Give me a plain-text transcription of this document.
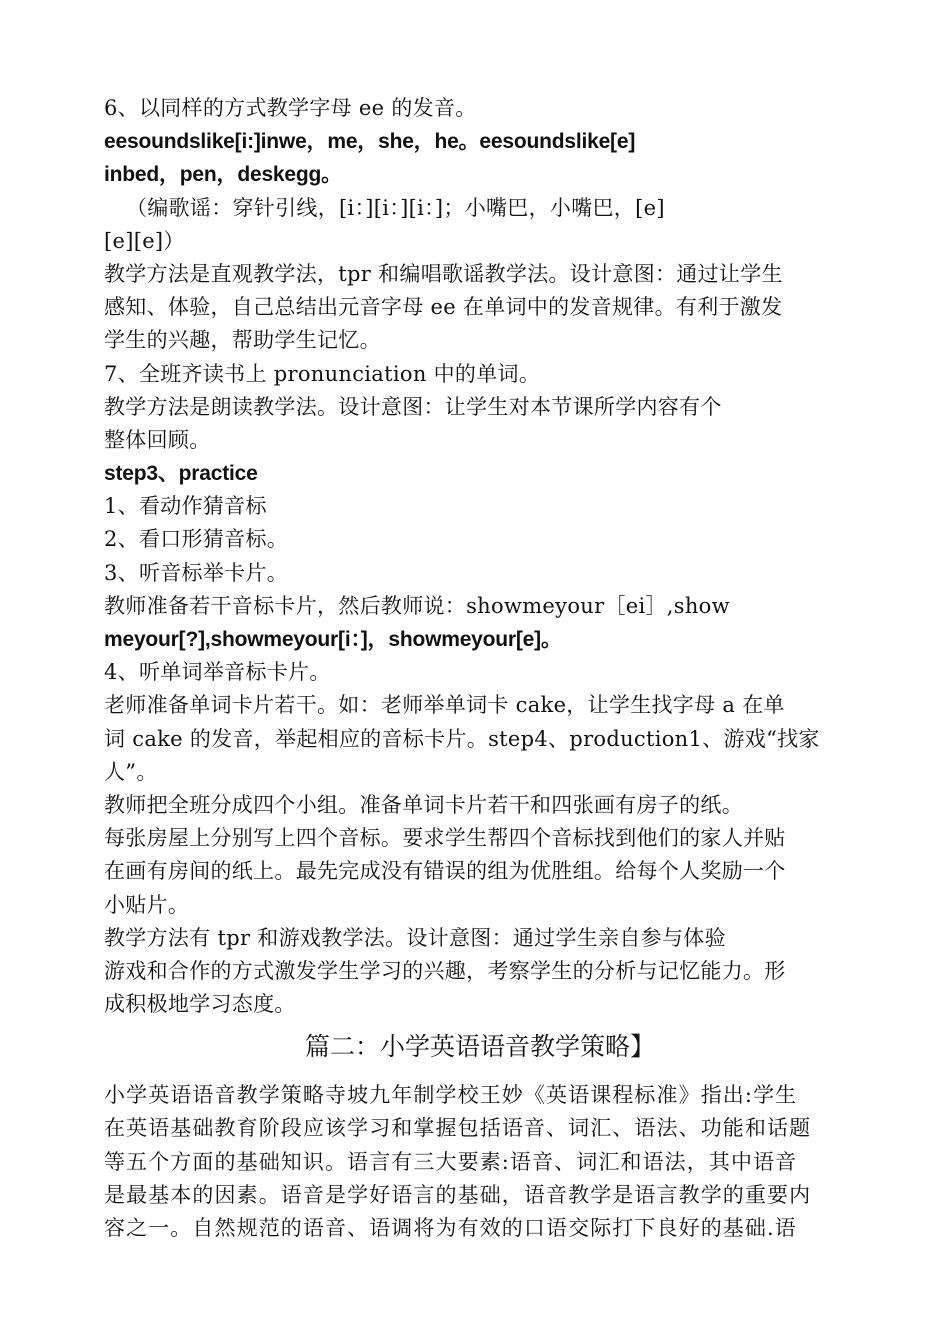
6、以同样的方式教学字母 ee 的发音。
eesoundslike[i:]inwe，me，she，he。eesoundslike[e]
inbed，pen，deskegg。
（编歌谣：穿针引线，[i：][i：][i：]；小嘴巴，小嘴巴，[e]
[e][e]）
教学方法是直观教学法，tpr 和编唱歌谣教学法。设计意图：通过让学生
感知、体验，自己总结出元音字母 ee 在单词中的发音规律。有利于激发
学生的兴趣，帮助学生记忆。
7、全班齐读书上 pronunciation 中的单词。
教学方法是朗读教学法。设计意图：让学生对本节课所学内容有个
整体回顾。
step3、practice
1、看动作猜音标
2、看口形猜音标。
3、听音标举卡片。
教师准备若干音标卡片，然后教师说：showmeyour［ei］,show
meyour[?],showmeyour[i：]，showmeyour[e]。
4、听单词举音标卡片。
老师准备单词卡片若干。如：老师举单词卡 cake，让学生找字母 a 在单
词 cake 的发音，举起相应的音标卡片。step4、production1、游戏“找家
人”。
教师把全班分成四个小组。准备单词卡片若干和四张画有房子的纸。
每张房屋上分别写上四个音标。要求学生帮四个音标找到他们的家人并贴
在画有房间的纸上。最先完成没有错误的组为优胜组。给每个人奖励一个
小贴片。
教学方法有 tpr 和游戏教学法。设计意图：通过学生亲自参与体验
游戏和合作的方式激发学生学习的兴趣，考察学生的分析与记忆能力。形
成积极地学习态度。
篇二：小学英语语音教学策略】
小学英语语音教学策略寺坡九年制学校王妙《英语课程标准》指出:学生
在英语基础教育阶段应该学习和掌握包括语音、词汇、语法、功能和话题
等五个方面的基础知识。语言有三大要素:语音、词汇和语法，其中语音
是最基本的因素。语音是学好语言的基础，语音教学是语言教学的重要内
容之一。自然规范的语音、语调将为有效的口语交际打下良好的基础.语
